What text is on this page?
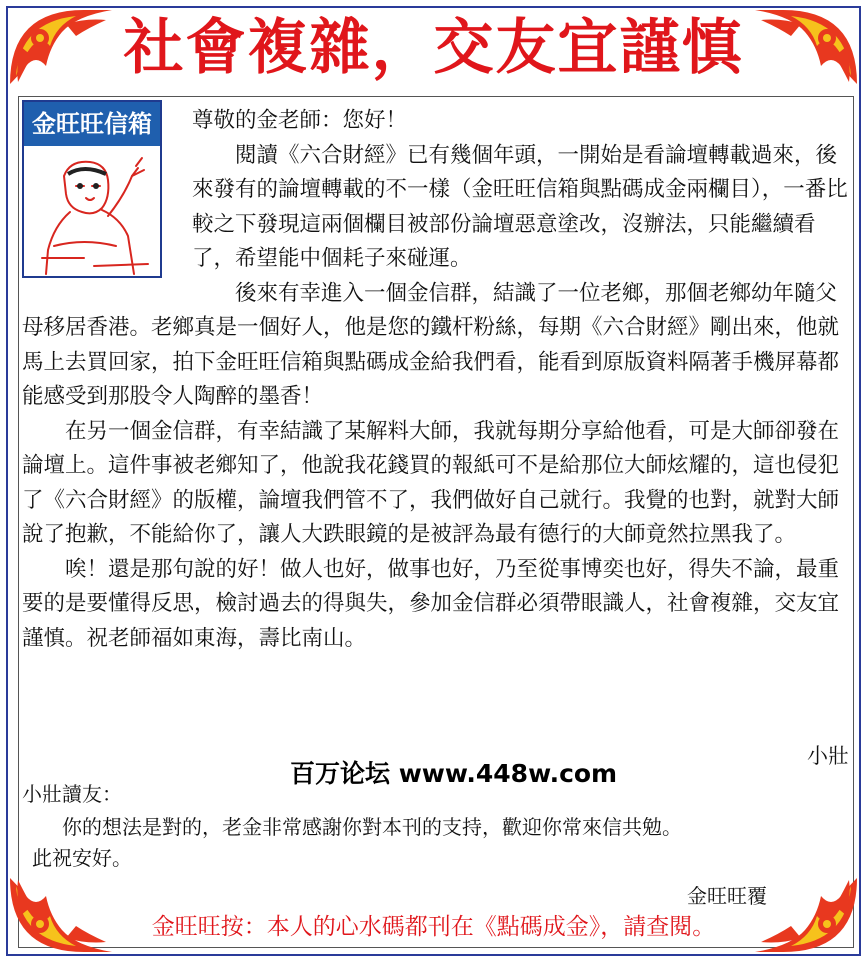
社會複雜，交友宜謹慎
金旺旺信箱	尊敬的金老師：您好！

閱讀《六合財經》已有幾個年頭，一開始是看論壇轉載過來，後來發有的論壇轉載的不一樣（金旺旺信箱與點碼成金兩欄目），一番比較之下發現這兩個欄目被部份論壇惡意塗改，沒辦法，只能繼續看了，希望能中個耗子來碰運。

後來有幸進入一個金信群，結識了一位老鄉，那個老鄉幼年隨父母移居香港。老鄉真是一個好人，他是您的鐵杆粉絲，每期《六合財經》剛出來，他就馬上去買回家，拍下金旺旺信箱與點碼成金給我們看，能看到原版資料隔著手機屏幕都能感受到那股令人陶醉的墨香！

在另一個金信群，有幸結識了某解料大師，我就每期分享給他看，可是大師卻發在論壇上。這件事被老鄉知了，他說我花錢買的報紙可不是給那位大師炫耀的，這也侵犯了《六合財經》的版權，論壇我們管不了，我們做好自己就行。我覺的也對，就對大師說了抱歉，不能給你了，讓人大跌眼鏡的是被評為最有德行的大師竟然拉黑我了。

唉！還是那句說的好！做人也好，做事也好，乃至從事博奕也好，得失不論，最重要的是要懂得反思，檢討過去的得與失，參加金信群必須帶眼識人，社會複雜，交友宜謹慎。祝老師福如東海，壽比南山。

小壯
百万论坛 www.448w.com
小壯讀友：

你的想法是對的，老金非常感謝你對本刊的支持，歡迎你常來信共勉。

此祝安好。

金旺旺覆
金旺旺按：本人的心水碼都刊在《點碼成金》，請查閱。
